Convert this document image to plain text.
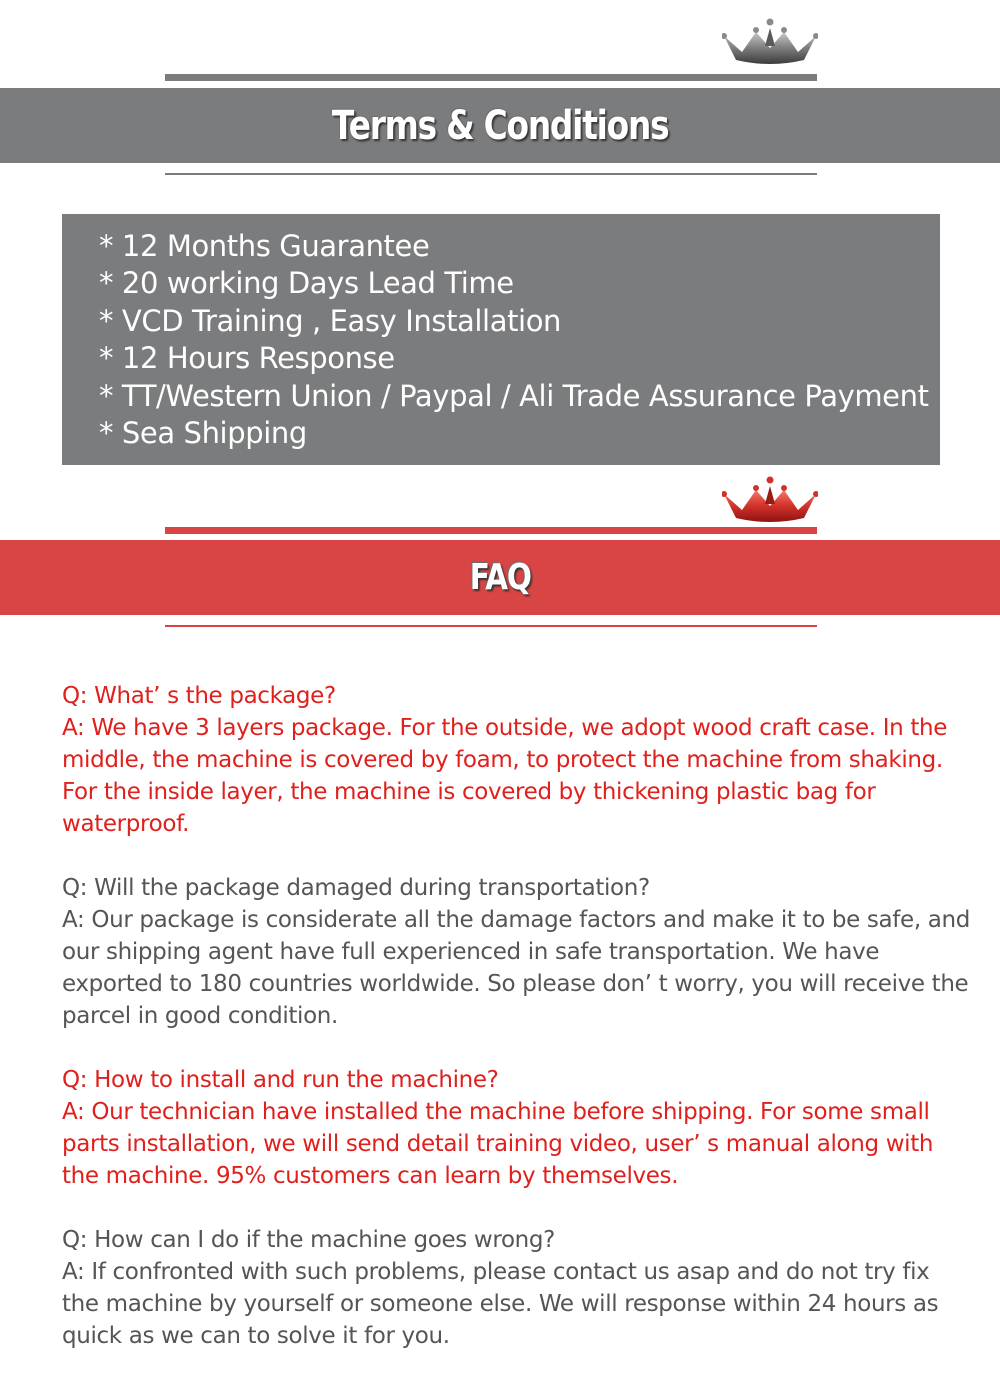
Terms & Conditions
* 12 Months Guarantee
* 20 working Days Lead Time
* VCD Training , Easy Installation
* 12 Hours Response
* TT/Western Union / Paypal / Ali Trade Assurance Payment
* Sea Shipping
FAQ

Q: What’ s the package?

A: We have 3 layers package. For the outside, we adopt wood craft case. In the middle, the machine is covered by foam, to protect the machine from shaking. For the inside layer, the machine is covered by thickening plastic bag for waterproof.

Q: Will the package damaged during transportation?

A: Our package is considerate all the damage factors and make it to be safe, and our shipping agent have full experienced in safe transportation. We have exported to 180 countries worldwide. So please don’ t worry, you will receive the parcel in good condition.

Q: How to install and run the machine?

A: Our technician have installed the machine before shipping. For some small parts installation, we will send detail training video, user’ s manual along with the machine. 95% customers can learn by themselves.

Q: How can I do if the machine goes wrong?

A: If confronted with such problems, please contact us asap and do not try fix the machine by yourself or someone else. We will response within 24 hours as quick as we can to solve it for you.
